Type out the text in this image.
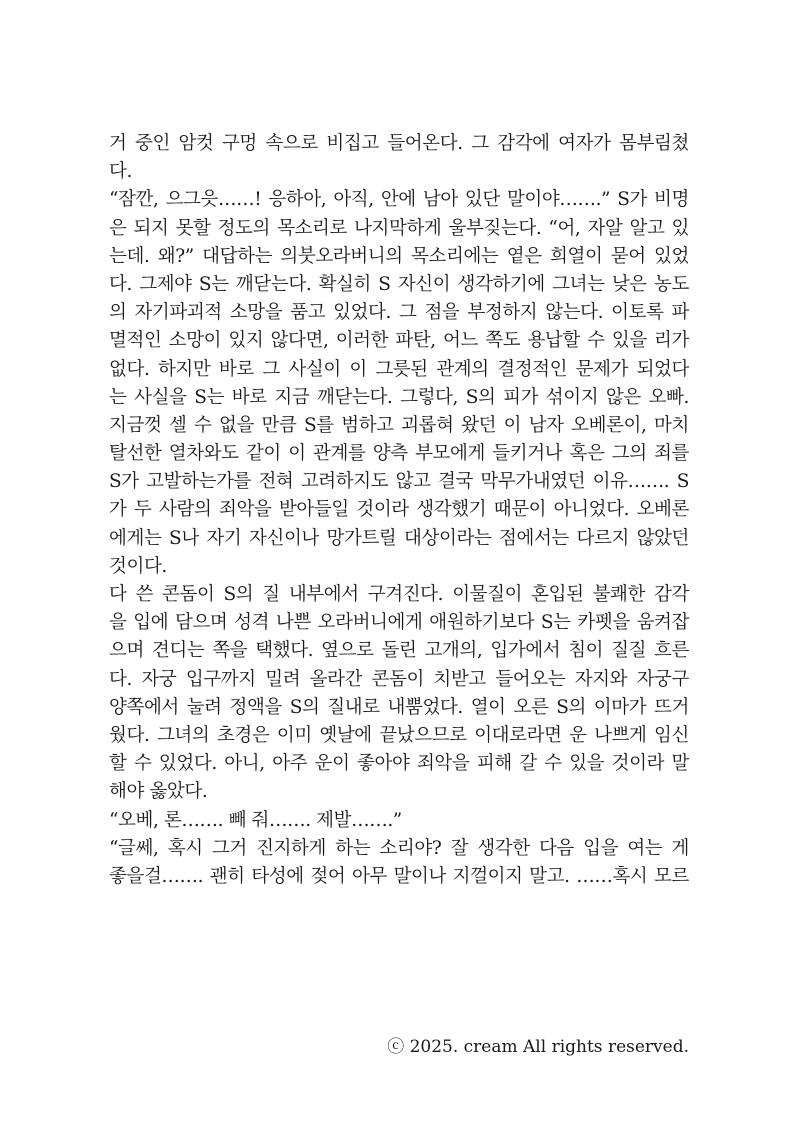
거 중인 암컷 구멍 속으로 비집고 들어온다. 그 감각에 여자가 몸부림쳤
다.
“잠깐, 으그읏……! 응하아, 아직, 안에 남아 있단 말이야…….” S가 비명
은 되지 못할 정도의 목소리로 나지막하게 울부짖는다. “어, 자알 알고 있
는데. 왜?” 대답하는 의붓오라버니의 목소리에는 옅은 희열이 묻어 있었
다. 그제야 S는 깨닫는다. 확실히 S 자신이 생각하기에 그녀는 낮은 농도
의 자기파괴적 소망을 품고 있었다. 그 점을 부정하지 않는다. 이토록 파
멸적인 소망이 있지 않다면, 이러한 파탄, 어느 쪽도 용납할 수 있을 리가
없다. 하지만 바로 그 사실이 이 그릇된 관계의 결정적인 문제가 되었다
는 사실을 S는 바로 지금 깨닫는다. 그렇다, S의 피가 섞이지 않은 오빠.
지금껏 셀 수 없을 만큼 S를 범하고 괴롭혀 왔던 이 남자 오베론이, 마치
탈선한 열차와도 같이 이 관계를 양측 부모에게 들키거나 혹은 그의 죄를
S가 고발하는가를 전혀 고려하지도 않고 결국 막무가내였던 이유……. S
가 두 사람의 죄악을 받아들일 것이라 생각했기 때문이 아니었다. 오베론
에게는 S나 자기 자신이나 망가트릴 대상이라는 점에서는 다르지 않았던
것이다.
다 쓴 콘돔이 S의 질 내부에서 구겨진다. 이물질이 혼입된 불쾌한 감각
을 입에 담으며 성격 나쁜 오라버니에게 애원하기보다 S는 카펫을 움켜잡
으며 견디는 쪽을 택했다. 옆으로 돌린 고개의, 입가에서 침이 질질 흐른
다. 자궁 입구까지 밀려 올라간 콘돔이 치받고 들어오는 자지와 자궁구
양쪽에서 눌려 정액을 S의 질내로 내뿜었다. 열이 오른 S의 이마가 뜨거
웠다. 그녀의 초경은 이미 옛날에 끝났으므로 이대로라면 운 나쁘게 임신
할 수 있었다. 아니, 아주 운이 좋아야 죄악을 피해 갈 수 있을 것이라 말
해야 옳았다.
“오베, 론……. 빼 줘……. 제발…….”
“글쎄, 혹시 그거 진지하게 하는 소리야? 잘 생각한 다음 입을 여는 게
좋을걸……. 괜히 타성에 젖어 아무 말이나 지껄이지 말고. ……혹시 모르
ⓒ 2025. cream All rights reserved.
